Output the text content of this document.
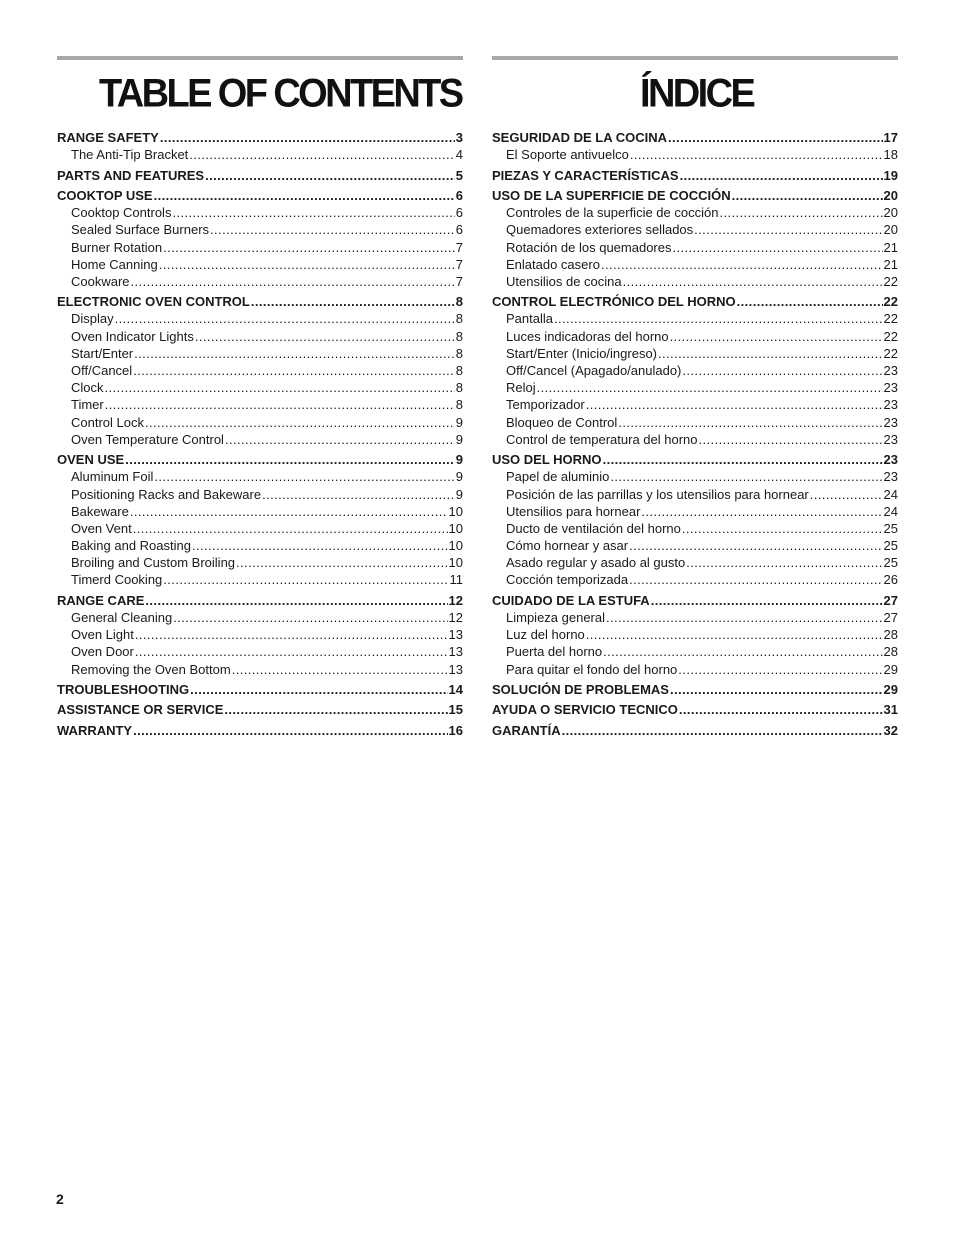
TABLE OF CONTENTS
RANGE SAFETY .....	3
The Anti-Tip Bracket .....	4
PARTS AND FEATURES .....	5
COOKTOP USE .....	6
Cooktop Controls .....	6
Sealed Surface Burners .....	6
Burner Rotation .....	7
Home Canning .....	7
Cookware .....	7
ELECTRONIC OVEN CONTROL .....	8
Display .....	8
Oven Indicator Lights .....	8
Start/Enter .....	8
Off/Cancel .....	8
Clock .....	8
Timer .....	8
Control Lock .....	9
Oven Temperature Control .....	9
OVEN USE .....	9
Aluminum Foil .....	9
Positioning Racks and Bakeware .....	9
Bakeware .....	10
Oven Vent .....	10
Baking and Roasting .....	10
Broiling and Custom Broiling .....	10
Timerd Cooking .....	11
RANGE CARE .....	12
General Cleaning .....	12
Oven Light .....	13
Oven Door .....	13
Removing the Oven Bottom .....	13
TROUBLESHOOTING .....	14
ASSISTANCE OR SERVICE .....	15
WARRANTY .....	16
ÍNDICE
SEGURIDAD DE LA COCINA .....	17
El Soporte antivuelco .....	18
PIEZAS Y CARACTERÍSTICAS .....	19
USO DE LA SUPERFICIE DE COCCIÓN .....	20
Controles de la superficie de cocción .....	20
Quemadores exteriores sellados .....	20
Rotación de los quemadores .....	21
Enlatado casero .....	21
Utensilios de cocina .....	22
CONTROL ELECTRÓNICO DEL HORNO .....	22
Pantalla .....	22
Luces indicadoras del horno .....	22
Start/Enter (Inicio/ingreso) .....	22
Off/Cancel (Apagado/anulado) .....	23
Reloj .....	23
Temporizador .....	23
Bloqueo de Control .....	23
Control de temperatura del horno .....	23
USO DEL HORNO .....	23
Papel de aluminio .....	23
Posición de las parrillas y los utensilios para hornear .....	24
Utensilios para hornear .....	24
Ducto de ventilación del horno .....	25
Cómo hornear y asar .....	25
Asado regular y asado al gusto .....	25
Cocción temporizada .....	26
CUIDADO DE LA ESTUFA .....	27
Limpieza general .....	27
Luz del horno .....	28
Puerta del horno .....	28
Para quitar el fondo del horno .....	29
SOLUCIÓN DE PROBLEMAS .....	29
AYUDA O SERVICIO TECNICO .....	31
GARANTÍA .....	32
2
